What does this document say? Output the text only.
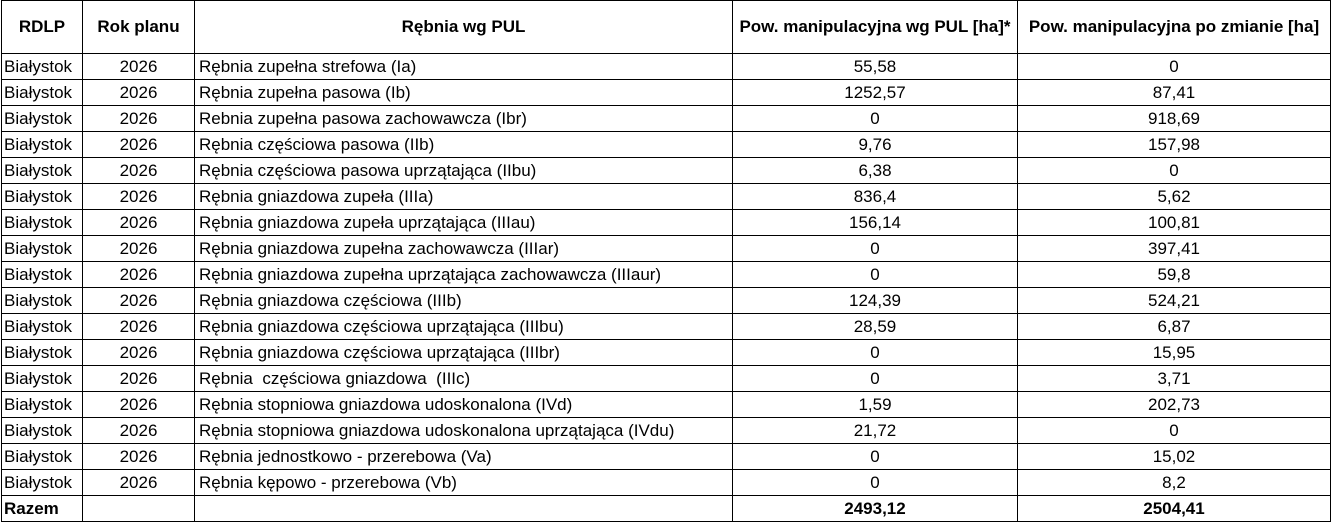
RDLP	Rok planu	Rębnia wg PUL	Pow. manipulacyjna wg PUL [ha]*	Pow. manipulacyjna po zmianie [ha]
Białystok	2026	Rębnia zupełna strefowa (Ia)	55,58	0
Białystok	2026	Rębnia zupełna pasowa (Ib)	1252,57	87,41
Białystok	2026	Rebnia zupełna pasowa zachowawcza (Ibr)	0	918,69
Białystok	2026	Rębnia częściowa pasowa (IIb)	9,76	157,98
Białystok	2026	Rębnia częściowa pasowa uprzątająca (IIbu)	6,38	0
Białystok	2026	Rębnia gniazdowa zupeła (IIIa)	836,4	5,62
Białystok	2026	Rębnia gniazdowa zupeła uprzątająca (IIIau)	156,14	100,81
Białystok	2026	Rębnia gniazdowa zupełna zachowawcza (IIIar)	0	397,41
Białystok	2026	Rębnia gniazdowa zupełna uprzątająca zachowawcza (IIIaur)	0	59,8
Białystok	2026	Rębnia gniazdowa częściowa (IIIb)	124,39	524,21
Białystok	2026	Rębnia gniazdowa częściowa uprzątająca (IIIbu)	28,59	6,87
Białystok	2026	Rębnia gniazdowa częściowa uprzątająca (IIIbr)	0	15,95
Białystok	2026	Rębnia  częściowa gniazdowa  (IIIc)	0	3,71
Białystok	2026	Rębnia stopniowa gniazdowa udoskonalona (IVd)	1,59	202,73
Białystok	2026	Rębnia stopniowa gniazdowa udoskonalona uprzątająca (IVdu)	21,72	0
Białystok	2026	Rębnia jednostkowo - przerebowa (Va)	0	15,02
Białystok	2026	Rębnia kępowo - przerebowa (Vb)	0	8,2
Razem			2493,12	2504,41
